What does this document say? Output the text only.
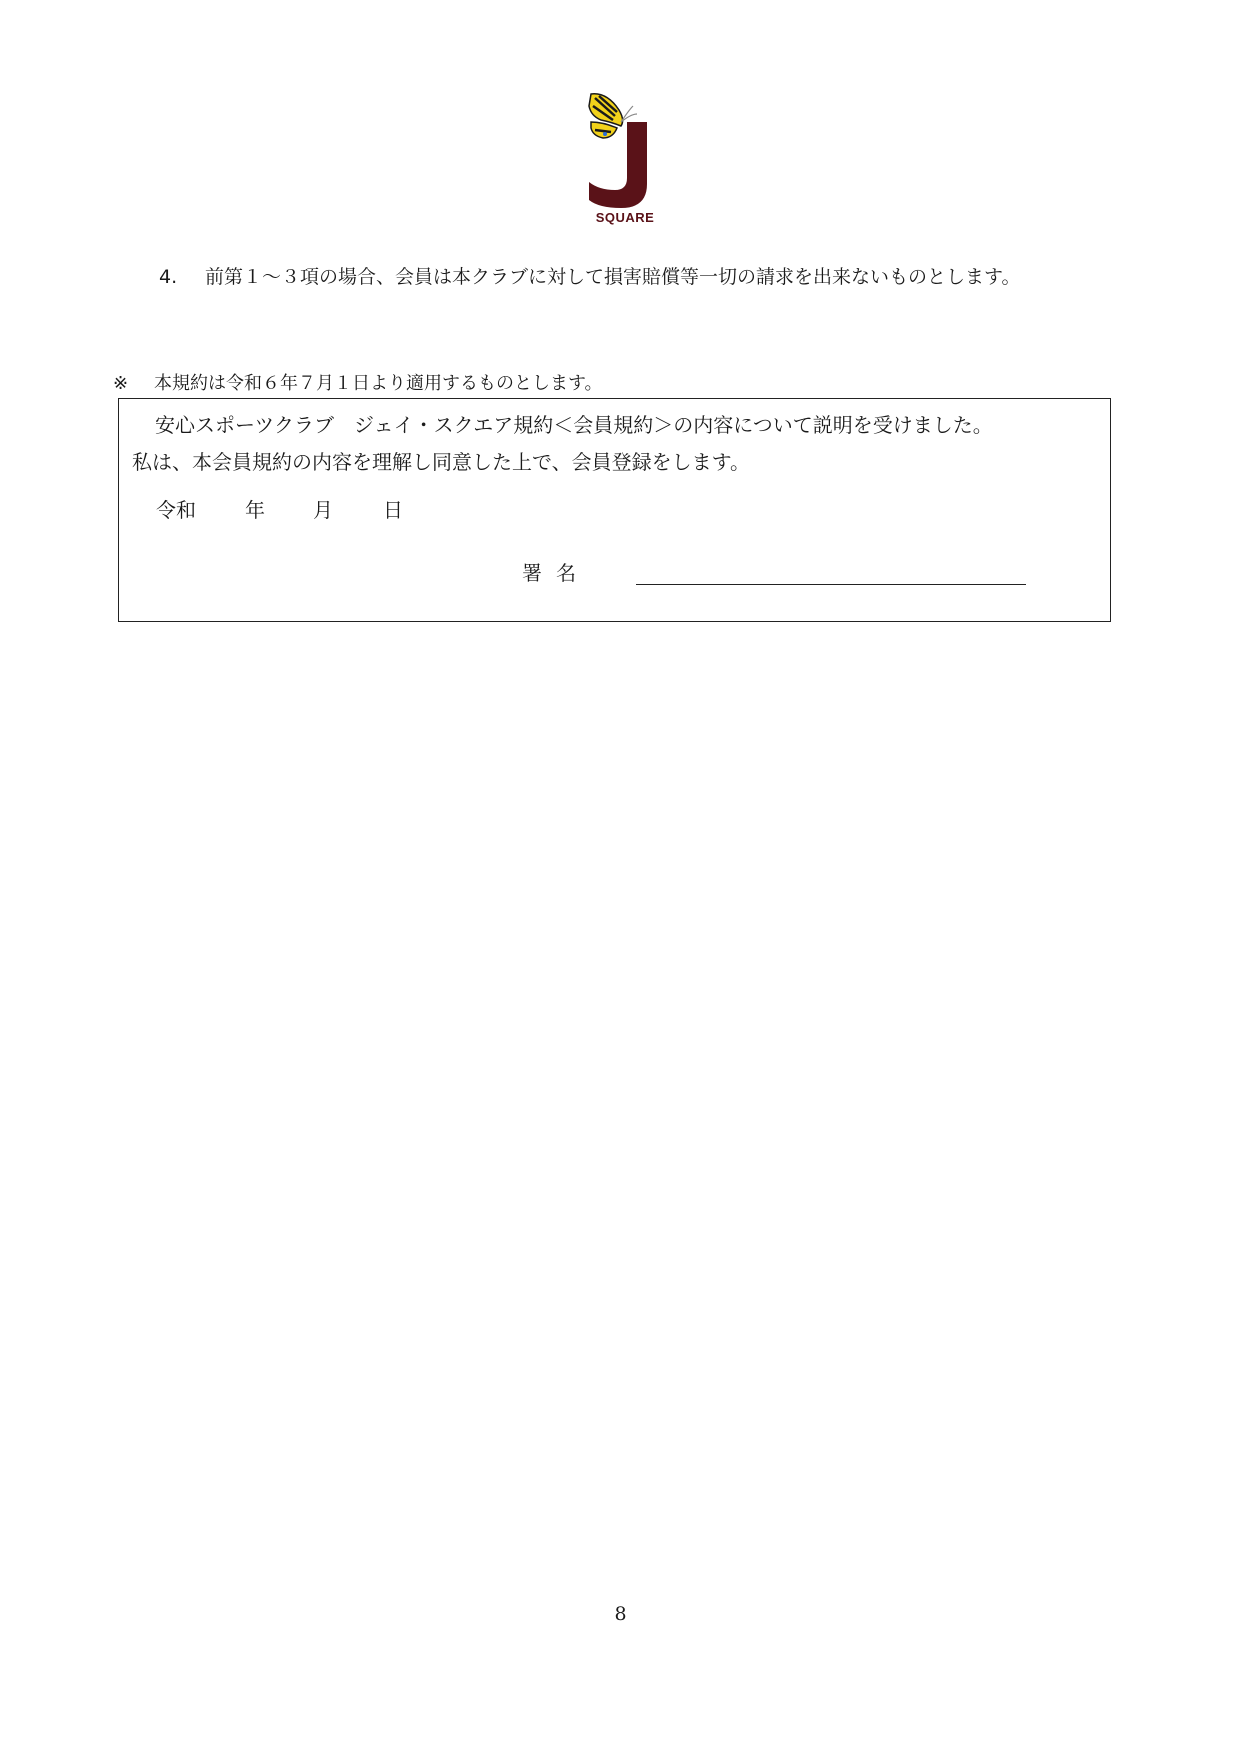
SQUARE
4. 前第１～３項の場合、会員は本クラブに対して損害賠償等一切の請求を出来ないものとします。
※ 本規約は令和６年７月１日より適用するものとします。
安心スポーツクラブ　ジェイ・スクエア規約＜会員規約＞の内容について説明を受けました。
私は、本会員規約の内容を理解し同意した上で、会員登録をします。
令和 年 月	日
署名
8
